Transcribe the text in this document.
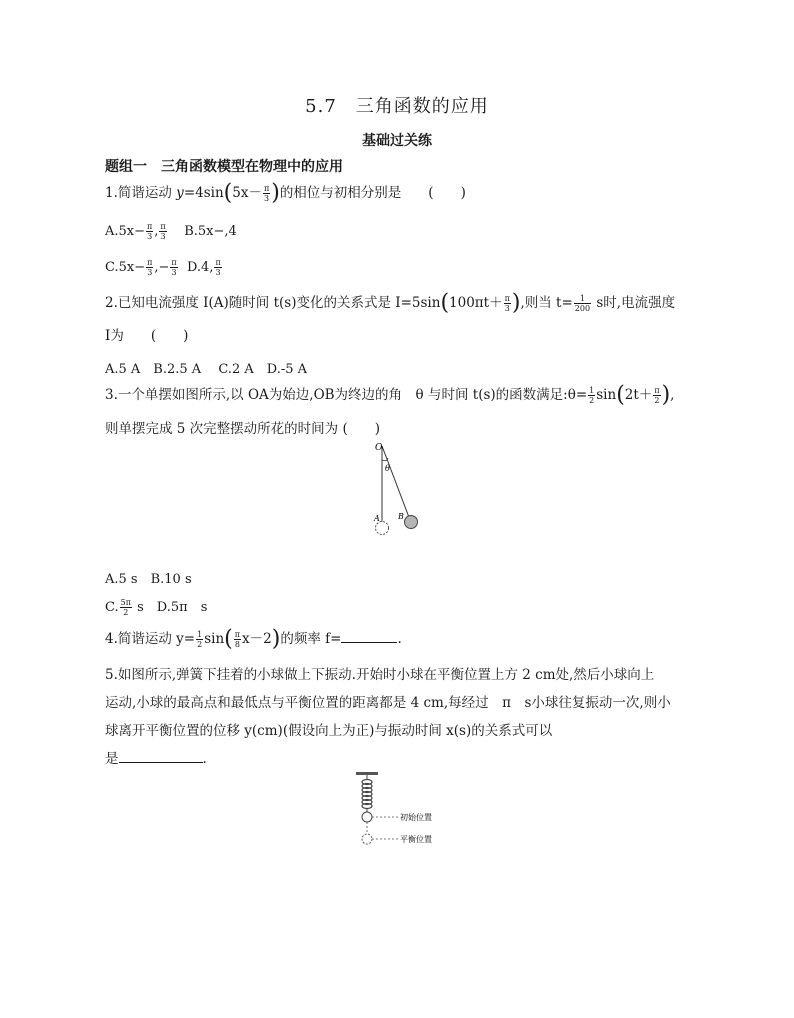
5.7　三角函数的应用
基础过关练
题组一　三角函数模型在物理中的应用
1.简谐运动 $y=4\sin(5x- \frac{\pi}{3}$ )的相位与初相分别是　　(　　)
$A.5x- \frac{\pi}{3}$ , $\frac{\pi}{3} B.5x-,4$
$C.5x- \frac{\pi}{3}$ ,− $\frac{\pi}{3} D.4$, $\frac{\pi}{3}$
2.已知电流强度 I(A)随时间 t(s)变化的关系式是 $I=5\sin(100\pi t+ \frac{\pi}{3}$ ),则当 $t= \frac{1}{200}$ s时,电流强度
I为　　(　　)
A.5 A　B.2.5 A　 C.2 A　D.-5 A
3.一个单摆如图所示,以 OA为始边,OB为终边的角　θ 与时间 t(s)的函数满足:θ= $\frac{1}{2} \sin(2t+ \frac{\pi}{2}$ ),
则单摆完成 5 次完整摆动所花的时间为 (　　)
O
θ
A B
A.5 s　B.10 s
C. $\frac{5\pi}{2}$ s　D.5π　s
4.简谐运动 $y= \frac{1}{2} \sin( \frac{\pi}{8} x-2)$的频率 f=	.
5.如图所示,弹簧下挂着的小球做上下振动.开始时小球在平衡位置上方 2 cm处,然后小球向上
运动,小球的最高点和最低点与平衡位置的距离都是 4 cm,每经过　π　s小球往复振动一次,则小
球离开平衡位置的位移 y(cm)(假设向上为正)与振动时间 x(s)的关系式可以
是	.
初始位置
平衡位置
